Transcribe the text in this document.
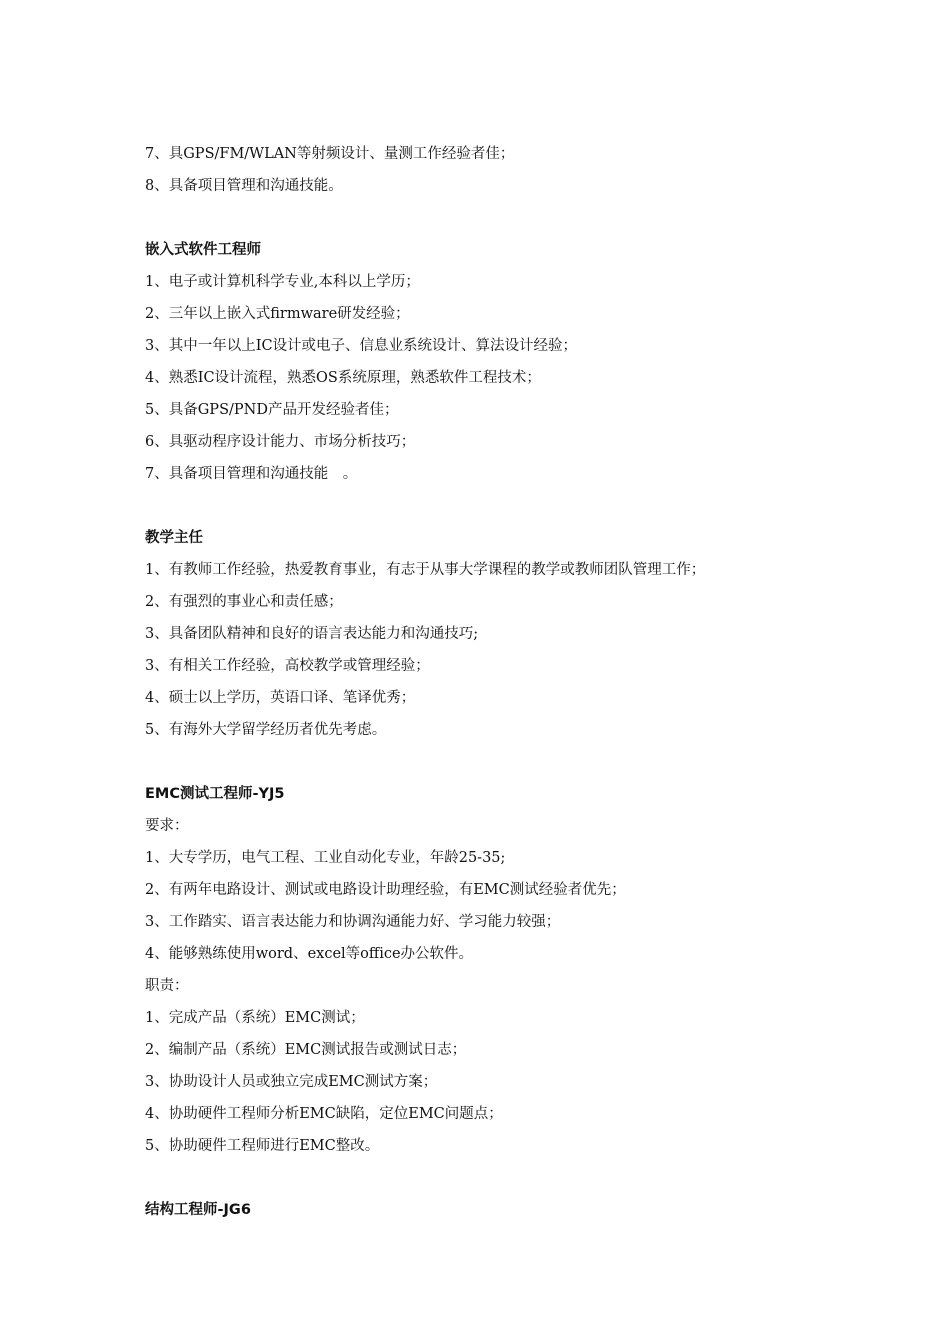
7、具GPS/FM/WLAN等射频设计、量测工作经验者佳；
8、具备项目管理和沟通技能。
嵌入式软件工程师
1、电子或计算机科学专业,本科以上学历；
2、三年以上嵌入式firmware研发经验；
3、其中一年以上IC设计或电子、信息业系统设计、算法设计经验；
4、熟悉IC设计流程，熟悉OS系统原理，熟悉软件工程技术；
5、具备GPS/PND产品开发经验者佳；
6、具驱动程序设计能力、市场分析技巧；
7、具备项目管理和沟通技能　。
教学主任
1、有教师工作经验，热爱教育事业，有志于从事大学课程的教学或教师团队管理工作；
2、有强烈的事业心和责任感；
3、具备团队精神和良好的语言表达能力和沟通技巧;
3、有相关工作经验，高校教学或管理经验；
4、硕士以上学历，英语口译、笔译优秀；
5、有海外大学留学经历者优先考虑。
EMC测试工程师-YJ5
要求：
1、大专学历，电气工程、工业自动化专业，年龄25-35;
2、有两年电路设计、测试或电路设计助理经验，有EMC测试经验者优先；
3、工作踏实、语言表达能力和协调沟通能力好、学习能力较强；
4、能够熟练使用word、excel等office办公软件。
职责：
1、完成产品（系统）EMC测试；
2、编制产品（系统）EMC测试报告或测试日志；
3、协助设计人员或独立完成EMC测试方案；
4、协助硬件工程师分析EMC缺陷，定位EMC问题点；
5、协助硬件工程师进行EMC整改。
结构工程师-JG6
